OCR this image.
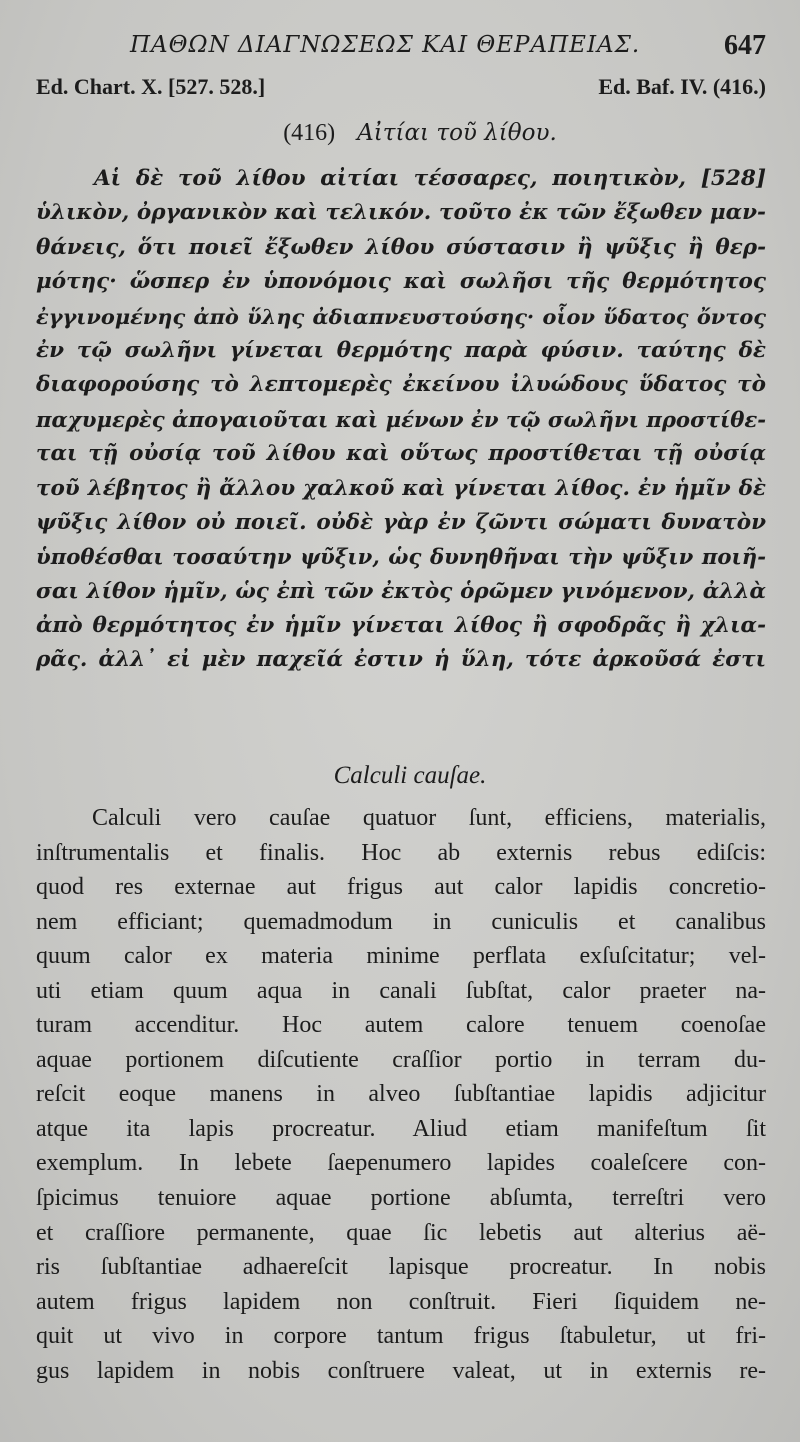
ΠΑΘΩΝ ΔΙΑΓΝΩΣΕΩΣ ΚΑΙ ΘΕΡΑΠΕΙΑΣ.	647
Ed. Chart. X. [527. 528.]	Ed. Baf. IV. (416.)
(416) Αἰτίαι τοῦ λίθου.
Αἱ δὲ τοῦ λίθου αἰτίαι τέσσαρες, ποιητικὸν, [528]
ὑλικὸν, ὀργανικὸν καὶ τελικόν. τοῦτο ἐκ τῶν ἔξωθεν μαν-
θάνεις, ὅτι ποιεῖ ἔξωθεν λίθου σύστασιν ἢ ψῦξις ἢ θερ-
μότης· ὥσπερ ἐν ὑπονόμοις καὶ σωλῆσι τῆς θερμότητος
ἐγγινομένης ἀπὸ ὕλης ἀδιαπνευστούσης· οἷον ὕδατος ὄντος
ἐν τῷ σωλῆνι γίνεται θερμότης παρὰ φύσιν. ταύτης δὲ
διαφορούσης τὸ λεπτομερὲς ἐκείνου ἰλυώδους ὕδατος τὸ
παχυμερὲς ἀπογαιοῦται καὶ μένων ἐν τῷ σωλῆνι προστίθε-
ται τῇ οὐσίᾳ τοῦ λίθου καὶ οὕτως προστίθεται τῇ οὐσίᾳ
τοῦ λέβητος ἢ ἄλλου χαλκοῦ καὶ γίνεται λίθος. ἐν ἡμῖν δὲ
ψῦξις λίθον οὐ ποιεῖ. οὐδὲ γὰρ ἐν ζῶντι σώματι δυνατὸν
ὑποθέσθαι τοσαύτην ψῦξιν, ὡς δυνηθῆναι τὴν ψῦξιν ποιῆ-
σαι λίθον ἡμῖν, ὡς ἐπὶ τῶν ἐκτὸς ὁρῶμεν γινόμενον, ἀλλὰ
ἀπὸ θερμότητος ἐν ἡμῖν γίνεται λίθος ἢ σφοδρᾶς ἢ χλια-
ρᾶς. ἀλλ᾽ εἰ μὲν παχεῖά ἐστιν ἡ ὕλη, τότε ἀρκοῦσά ἐστι
Calculi cauſae.
Calculi vero cauſae quatuor ſunt, efficiens, materialis,
inſtrumentalis et finalis. Hoc ab externis rebus ediſcis:
quod res externae aut frigus aut calor lapidis concretio-
nem efficiant; quemadmodum in cuniculis et canalibus
quum calor ex materia minime perflata exſuſcitatur; vel-
uti etiam quum aqua in canali ſubſtat, calor praeter na-
turam accenditur. Hoc autem calore tenuem coenoſae
aquae portionem diſcutiente craſſior portio in terram du-
reſcit eoque manens in alveo ſubſtantiae lapidis adjicitur
atque ita lapis procreatur. Aliud etiam manifeſtum ſit
exemplum. In lebete ſaepenumero lapides coaleſcere con-
ſpicimus tenuiore aquae portione abſumta, terreſtri vero
et craſſiore permanente, quae ſic lebetis aut alterius aë-
ris ſubſtantiae adhaereſcit lapisque procreatur. In nobis
autem frigus lapidem non conſtruit. Fieri ſiquidem ne-
quit ut vivo in corpore tantum frigus ſtabuletur, ut fri-
gus lapidem in nobis conſtruere valeat, ut in externis re-
